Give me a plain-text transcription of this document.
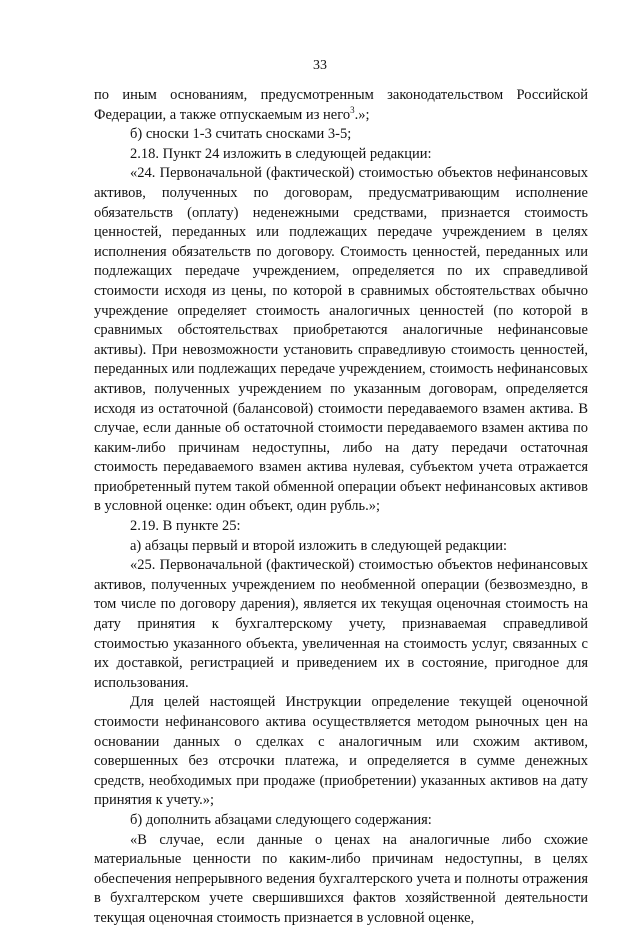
33

по иным основаниям, предусмотренным законодательством Российской Федерации, а также отпускаемым из него$^3$.»;

б) сноски 1-3 считать сносками 3-5;

2.18. Пункт 24 изложить в следующей редакции:

«24. Первоначальной (фактической) стоимостью объектов нефинансовых активов, полученных по договорам, предусматривающим исполнение обязательств (оплату) неденежными средствами, признается стоимость ценностей, переданных или подлежащих передаче учреждением в целях исполнения обязательств по договору. Стоимость ценностей, переданных или подлежащих передаче учреждением, определяется по их справедливой стоимости исходя из цены, по которой в сравнимых обстоятельствах обычно учреждение определяет стоимость аналогичных ценностей (по которой в сравнимых обстоятельствах приобретаются аналогичные нефинансовые активы). При невозможности установить справедливую стоимость ценностей, переданных или подлежащих передаче учреждением, стоимость нефинансовых активов, полученных учреждением по указанным договорам, определяется исходя из остаточной (балансовой) стоимости передаваемого взамен актива. В случае, если данные об остаточной стоимости передаваемого взамен актива по каким-либо причинам недоступны, либо на дату передачи остаточная стоимость передаваемого взамен актива нулевая, субъектом учета отражается приобретенный путем такой обменной операции объект нефинансовых активов в условной оценке: один объект, один рубль.»;

2.19. В пункте 25:

а) абзацы первый и второй изложить в следующей редакции:

«25. Первоначальной (фактической) стоимостью объектов нефинансовых активов, полученных учреждением по необменной операции (безвозмездно, в том числе по договору дарения), является их текущая оценочная стоимость на дату принятия к бухгалтерскому учету, признаваемая справедливой стоимостью указанного объекта, увеличенная на стоимость услуг, связанных с их доставкой, регистрацией и приведением их в состояние, пригодное для использования.

Для целей настоящей Инструкции определение текущей оценочной стоимости нефинансового актива осуществляется методом рыночных цен на основании данных о сделках с аналогичным или схожим активом, совершенных без отсрочки платежа, и определяется в сумме денежных средств, необходимых при продаже (приобретении) указанных активов на дату принятия к учету.»;

б) дополнить абзацами следующего содержания:

«В случае, если данные о ценах на аналогичные либо схожие материальные ценности по каким-либо причинам недоступны, в целях обеспечения непрерывного ведения бухгалтерского учета и полноты отражения в бухгалтерском учете свершившихся фактов хозяйственной деятельности текущая оценочная стоимость признается в условной оценке,
